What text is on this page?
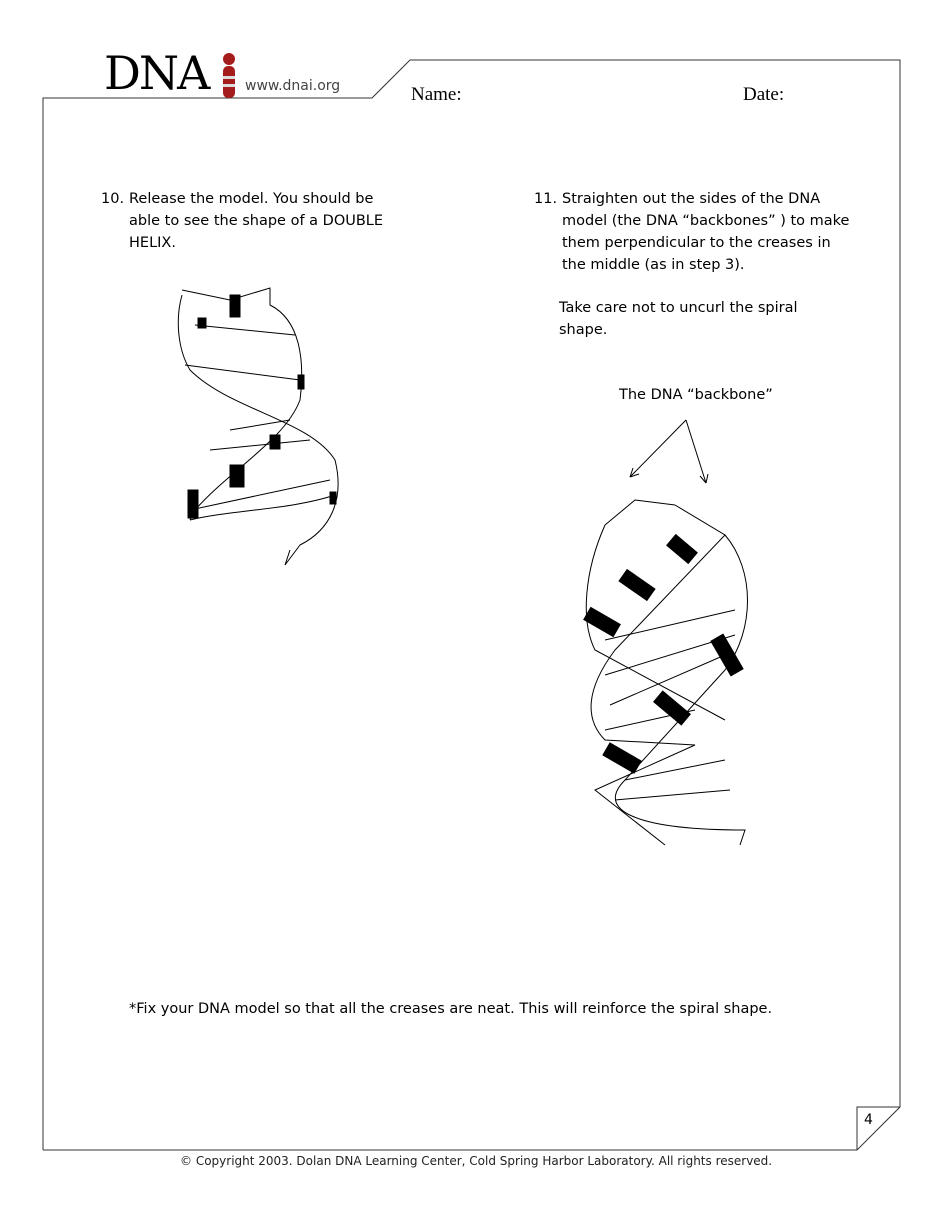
DNA	www.dnai.org	Name:	Date:
10. Release the model. You should be
able to see the shape of a DOUBLE
HELIX.
11. Straighten out the sides of the DNA
model (the DNA “backbones” ) to make
them perpendicular to the creases in
the middle (as in step 3).
Take care not to uncurl the spiral
shape.
The DNA “backbone”
*Fix your DNA model so that all the creases are neat. This will reinforce the spiral shape.
4
© Copyright 2003. Dolan DNA Learning Center, Cold Spring Harbor Laboratory. All rights reserved.
